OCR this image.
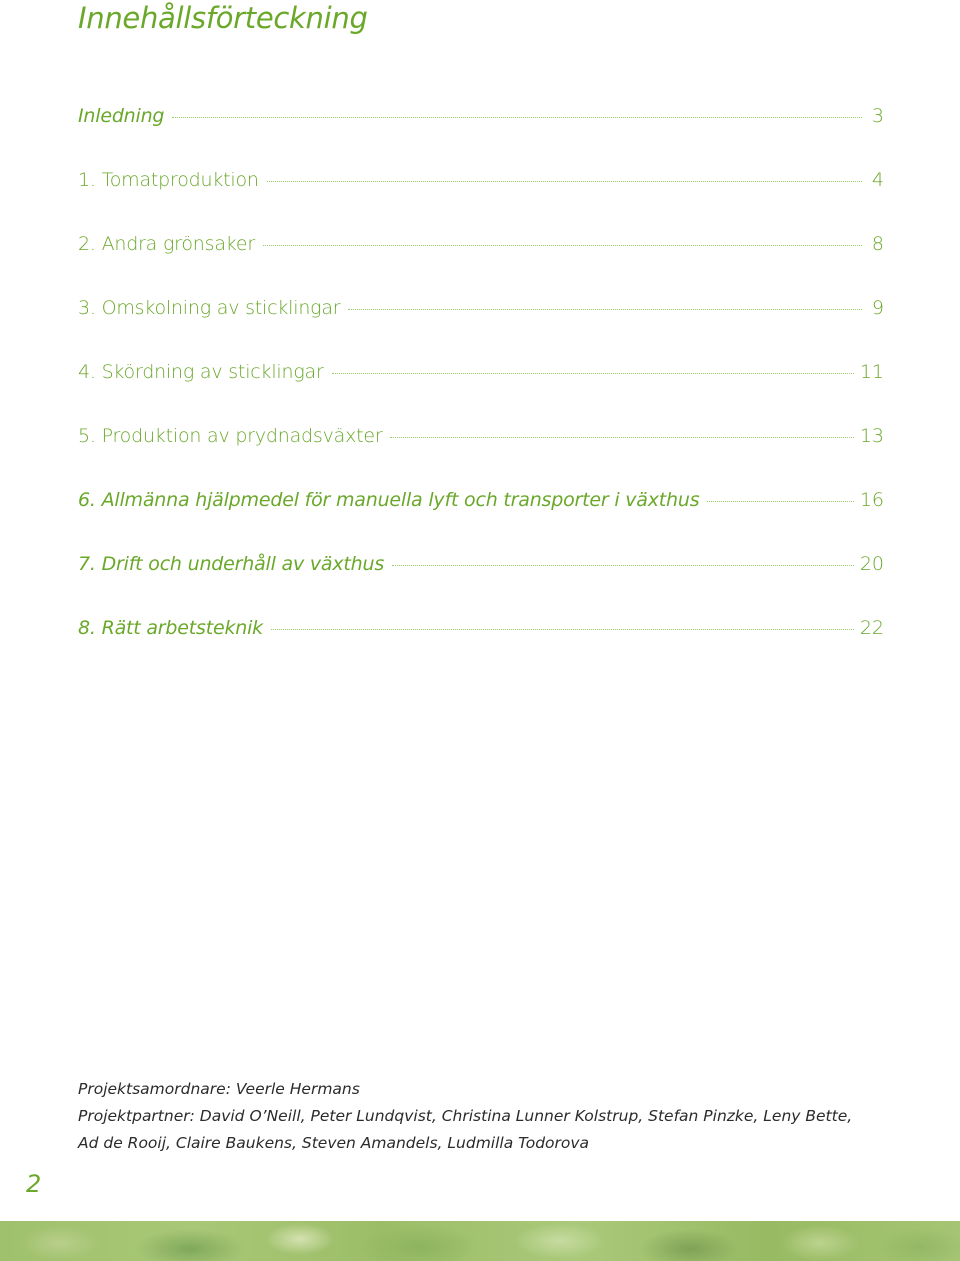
Innehållsförteckning
Inledning	3
1. Tomatproduktion	4
2. Andra grönsaker	8
3. Omskolning av sticklingar	9
4. Skördning av sticklingar	11
5. Produktion av prydnadsväxter	13
6. Allmänna hjälpmedel för manuella lyft och transporter i växthus	16
7. Drift och underhåll av växthus	20
8. Rätt arbetsteknik	22

Projektsamordnare: Veerle Hermans

Projektpartner: David O’Neill, Peter Lundqvist, Christina Lunner Kolstrup, Stefan Pinzke, Leny Bette,

Ad de Rooij, Claire Baukens, Steven Amandels, Ludmilla Todorova

2
